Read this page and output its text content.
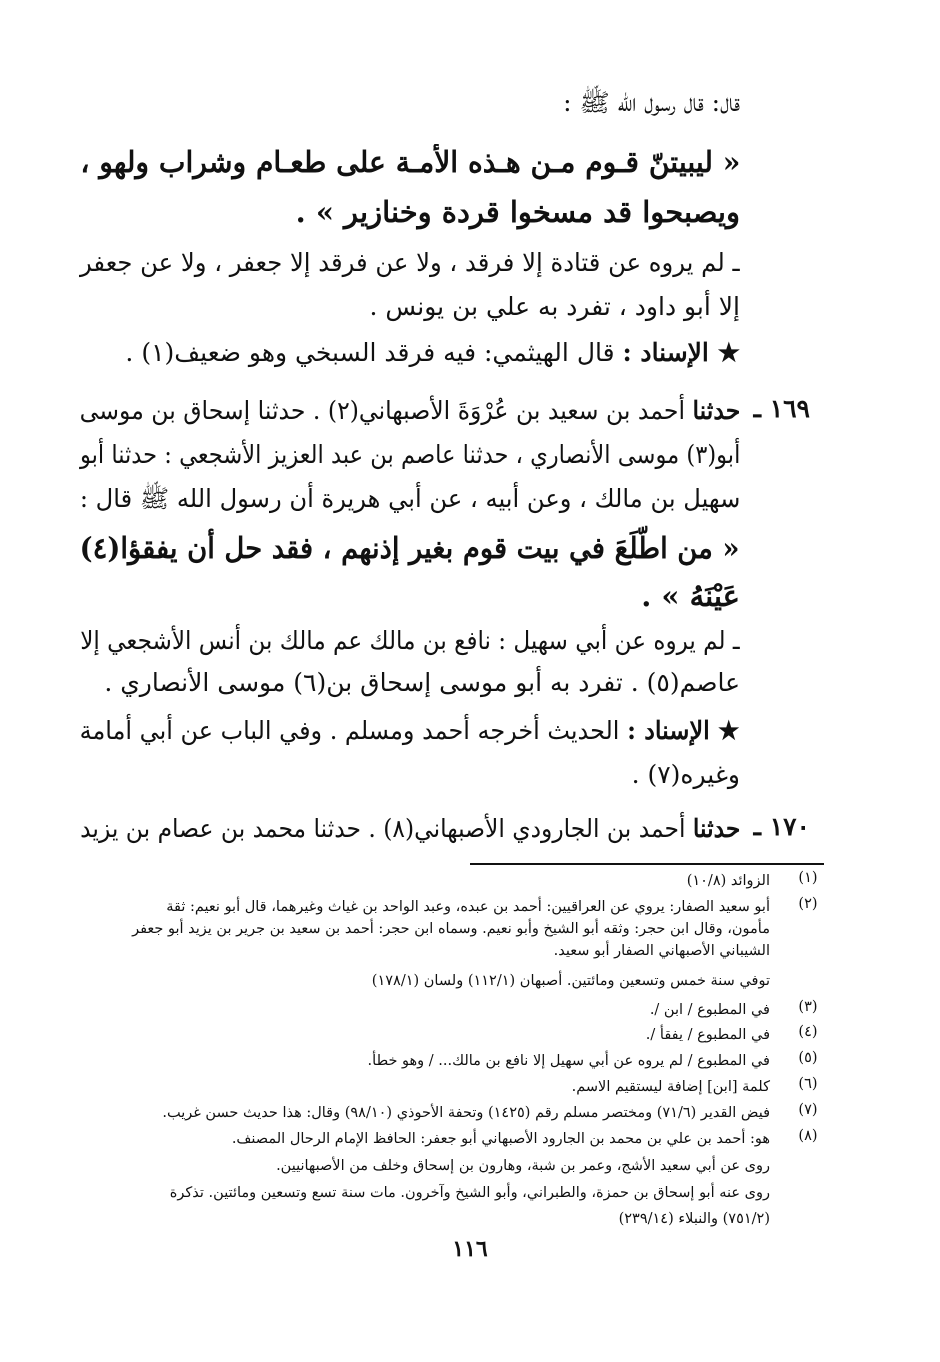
قال: قال رسول الله ﷺ :
« ليبيتنّ قـوم مـن هـذه الأمـة على طعـام وشراب ولهو ،
ويصبحوا قد مسخوا قردة وخنازير » .
ـ لم يروه عن قتادة إلا فرقد ، ولا عن فرقد إلا جعفر ، ولا عن جعفر
إلا أبو داود ، تفرد به علي بن يونس .
★ الإسناد : قال الهيثمي: فيه فرقد السبخي وهو ضعيف(١) .
١٦٩ ـ
حدثنا أحمد بن سعيد بن عُرْوَةَ الأصبهاني(٢) . حدثنا إسحاق بن موسى
أبو(٣) موسى الأنصاري ، حدثنا عاصم بن عبد العزيز الأشجعي : حدثنا أبو
سهيل بن مالك ، وعن أبيه ، عن أبي هريرة أن رسول الله ﷺ قال :
« من اطّلَعَ في بيت قوم بغير إذنهم ، فقد حل أن يفقؤا(٤)
عَيْنَهُ » .
ـ لم يروه عن أبي سهيل : نافع بن مالك عم مالك بن أنس الأشجعي إلا
عاصم(٥) . تفرد به أبو موسى إسحاق بن(٦) موسى الأنصاري .
★ الإسناد : الحديث أخرجه أحمد ومسلم . وفي الباب عن أبي أمامة
وغيره(٧) .
١٧٠ ـ
حدثنا أحمد بن الجارودي الأصبهاني(٨) . حدثنا محمد بن عصام بن يزيد
(١)
الزوائد (١٠/٨)
(٢)
أبو سعيد الصفار: يروي عن العراقيين: أحمد بن عبده، وعبد الواحد بن غياث وغيرهما، قال أبو نعيم: ثقة
مأمون، وقال ابن حجر: وثقه أبو الشيخ وأبو نعيم. وسماه ابن حجر: أحمد بن سعيد بن جرير بن يزيد أبو جعفر
الشيباني الأصبهاني الصفار أبو سعيد.
توفي سنة خمس وتسعين ومائتين. أصبهان (١١٢/١) ولسان (١٧٨/١)
(٣)
في المطبوع / ابن /.
(٤)
في المطبوع / يفقأ /.
(٥)
في المطبوع / لم يروه عن أبي سهيل إلا نافع بن مالك... / وهو خطأ.
(٦)
كلمة [ابن] إضافة ليستقيم الاسم.
(٧)
فيض القدير (٧١/٦) ومختصر مسلم رقم (١٤٢٥) وتحفة الأحوذي (٩٨/١٠) وقال: هذا حديث حسن غريب.
(٨)
هو: أحمد بن علي بن محمد بن الجارود الأصبهاني أبو جعفر: الحافظ الإمام الرحال المصنف.
روى عن أبي سعيد الأشج، وعمر بن شبة، وهارون بن إسحاق وخلف من الأصبهانيين.
روى عنه أبو إسحاق بن حمزة، والطبراني، وأبو الشيخ وآخرون. مات سنة تسع وتسعين ومائتين. تذكرة
(٧٥١/٢) والنبلاء (٢٣٩/١٤)
١١٦
